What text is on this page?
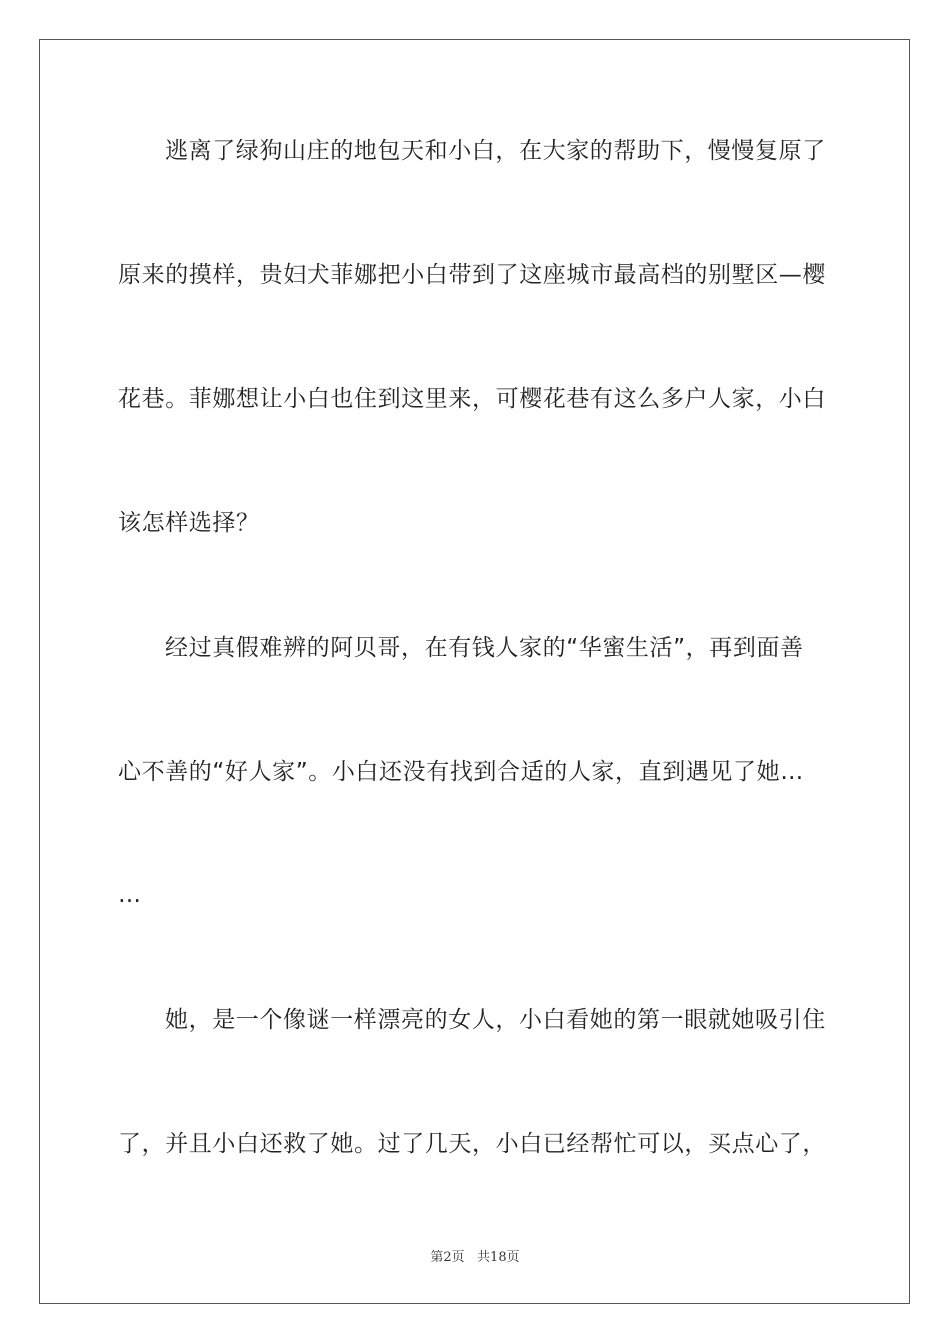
逃离了绿狗山庄的地包天和小白，在大家的帮助下，慢慢复原了
原来的摸样，贵妇犬菲娜把小白带到了这座城市最高档的别墅区—樱
花巷。菲娜想让小白也住到这里来，可樱花巷有这么多户人家，小白
该怎样选择？
经过真假难辨的阿贝哥，在有钱人家的“华蜜生活”，再到面善
心不善的“好人家”。小白还没有找到合适的人家，直到遇见了她…
…
她，是一个像谜一样漂亮的女人，小白看她的第一眼就她吸引住
了，并且小白还救了她。过了几天，小白已经帮忙可以，买点心了，
第2页   共18页
